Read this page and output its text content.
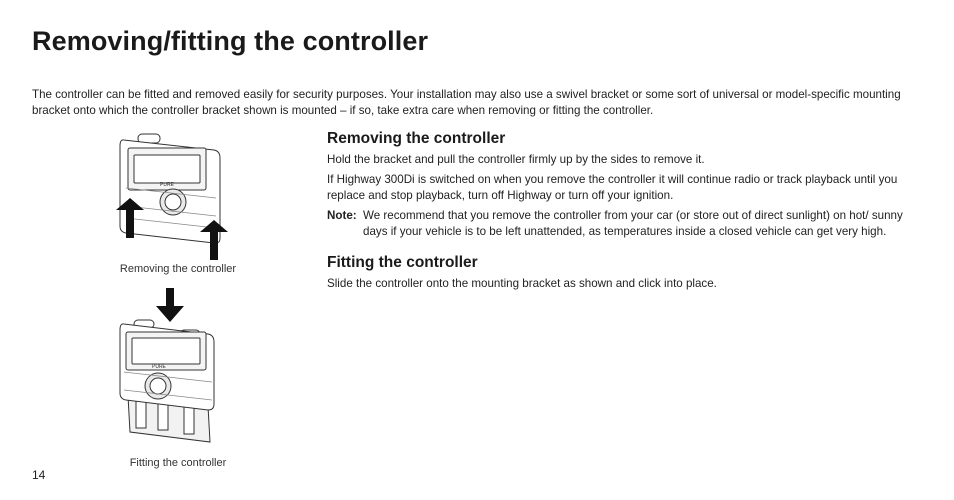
Removing/fitting the controller

The controller can be fitted and removed easily for security purposes. Your installation may also use a swivel bracket or some sort of universal or model-specific mounting bracket onto which the controller bracket shown is mounted – if so, take extra care when removing or fitting the controller.

PURE
Removing the controller
PURE
Fitting the controller
Removing the controller

Hold the bracket and pull the controller firmly up by the sides to remove it.

If Highway 300Di is switched on when you remove the controller it will continue radio or track playback until you replace and stop playback, turn off Highway or turn off your ignition.

Note: We recommend that you remove the controller from your car (or store out of direct sunlight) on hot/ sunny days if your vehicle is to be left unattended, as temperatures inside a closed vehicle can get very high.
Fitting the controller

Slide the controller onto the mounting bracket as shown and click into place.

14
